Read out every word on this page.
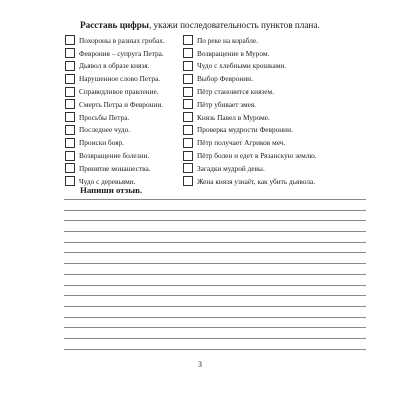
Расставь цифры, укажи последовательность пунктов плана.
Похороны в разных гробах.
Феврония – супруга Петра.
Дьявол в образе князя.
Нарушенное слово Петра.
Справедливое правление.
Смерть Петра и Февронии.
Просьбы Петра.
Последнее чудо.
Происки бояр.
Возвращение болезни.
Принятие монашества.
Чудо с деревьями.
По реке на корабле.
Возвращение в Муром.
Чудо с хлебными крошками.
Выбор Февронии.
Пётр становится князем.
Пётр убивает змея.
Князь Павел в Муроме.
Проверка мудрости Февронии.
Пётр получает Агриков меч.
Пётр болен и едет в Рязанскую землю.
Загадки мудрой девы.
Жена князя узнаёт, как убить дьявола.
Напиши отзыв.
3
